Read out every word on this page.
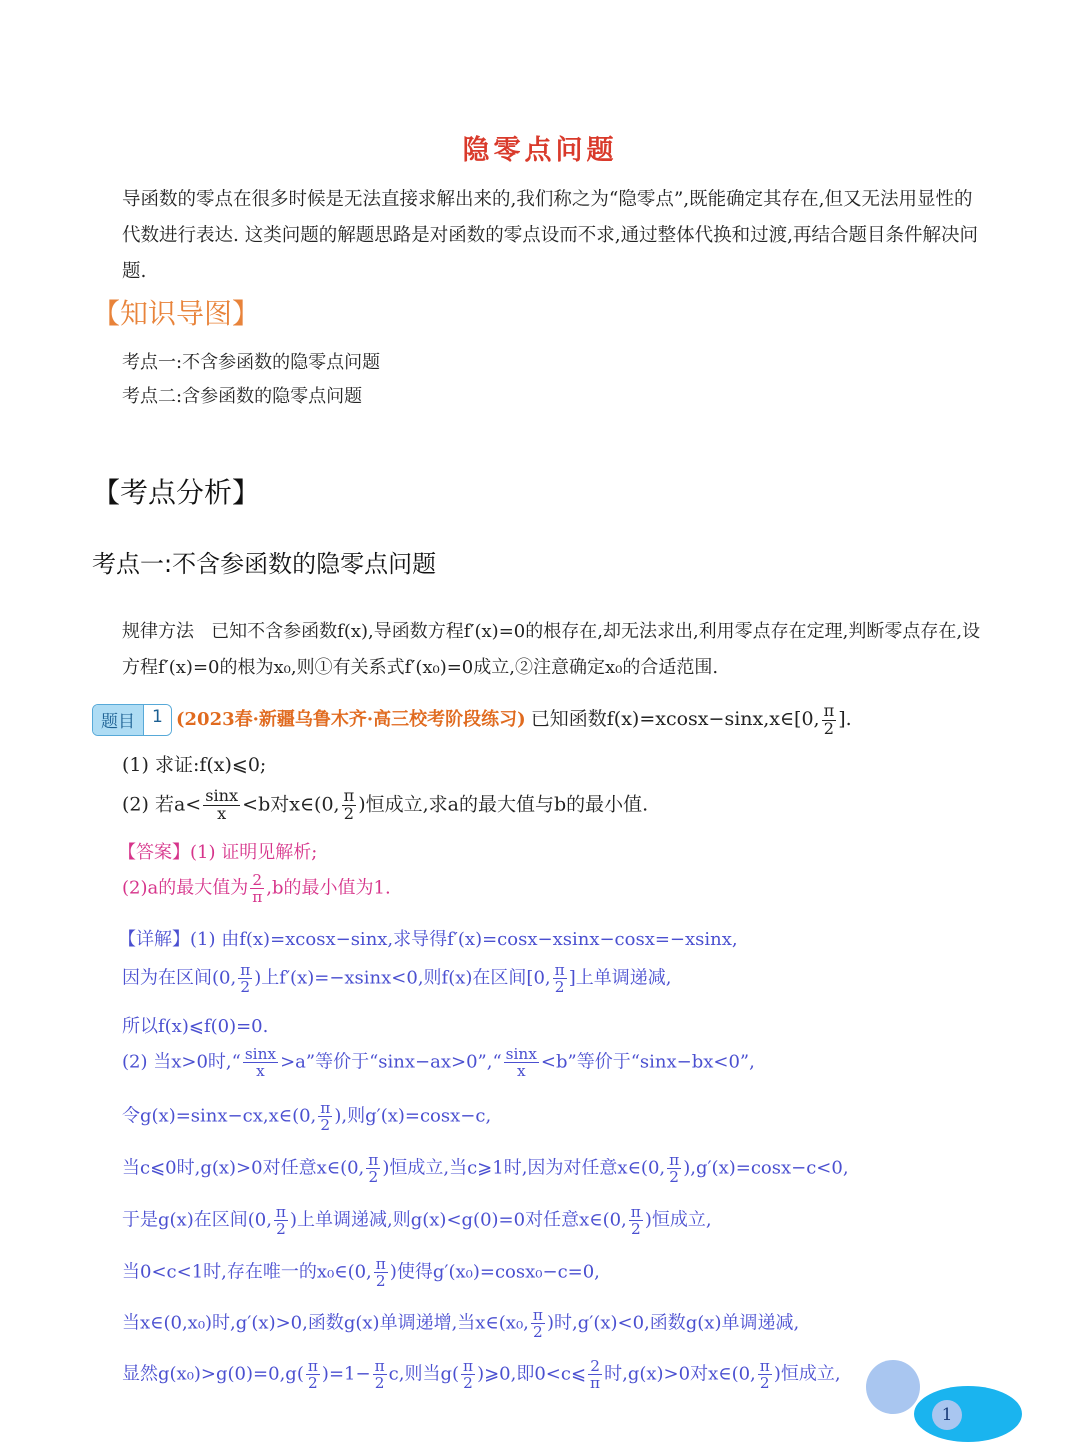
隐零点问题
导函数的零点在很多时候是无法直接求解出来的,我们称之为“隐零点”,既能确定其存在,但又无法用显性的代数进行表达. 这类问题的解题思路是对函数的零点设而不求,通过整体代换和过渡,再结合题目条件解决问题.
【知识导图】
考点一:不含参函数的隐零点问题
考点二:含参函数的隐零点问题
【考点分析】
考点一:不含参函数的隐零点问题
规律方法 已知不含参函数f(x),导函数方程f′(x)=0的根存在,却无法求出,利用零点存在定理,判断零点存在,设方程f′(x)=0的根为x₀,则①有关系式f′(x₀)=0成立,②注意确定x₀的合适范围.
题目	1 (2023春·新疆乌鲁木齐·高三校考阶段练习) 已知函数f(x)=xcosx−sinx,x∈[0, $\frac{\pi}{2}$ ].
(1) 求证:f(x)⩽0;
(2) 若$a< \frac{\sin x}{x} <b$对x∈(0, $\frac{\pi}{2}$ )恒成立,求a的最大值与b的最小值.
【答案】(1) 证明见解析;
(2)a的最大值为 $\frac{2}{\pi} ,b$的最小值为1.
【详解】(1) 由f(x)=xcosx−sinx,求导得f′(x)=cosx−xsinx−cosx=−xsinx,
因为在区间(0, $\frac{\pi}{2}$ )上f′(x)=−xsinx<0,则f(x)在区间[0, $\frac{\pi}{2}$ ]上单调递减,
所以f(x)⩽f(0)=0.
(2) 当x>0时,“ $\frac{\sin x}{x} >a$”等价于“sinx−ax>0”,“ $\frac{\sin x}{x} <b$”等价于“sinx−bx<0”,
令g(x)=sinx−cx,x∈(0, $\frac{\pi}{2}$ ),则g′(x)=cosx−c,
当c⩽0时,g(x)>0对任意x∈(0, $\frac{\pi}{2}$ )恒成立,当c⩾1时,因为对任意x∈(0, $\frac{\pi}{2} ),g'(x)=\cos x-c<0$,
于是g(x)在区间(0, $\frac{\pi}{2}$ )上单调递减,则g(x)<g(0)=0对任意x∈(0, $\frac{\pi}{2}$ )恒成立,
当0<c<1时,存在唯一的x₀∈(0, $\frac{\pi}{2}$ )使得g′(x₀)=cosx₀−c=0,
当x∈(0,x₀)时,g′(x)>0,函数g(x)单调递增,当x∈(x₀, $\frac{\pi}{2}$ )时,g′(x)<0,函数g(x)单调递减,
显然$g(x_0)>g(0)=0,g( \frac{\pi}{2} )=1- \frac{\pi}{2} c$,则当$g( \frac{\pi}{2}$ )⩾0,即0<c⩽ $\frac{2}{\pi}$ 时,g(x)>0对x∈(0, $\frac{\pi}{2}$ )恒成立,
1
